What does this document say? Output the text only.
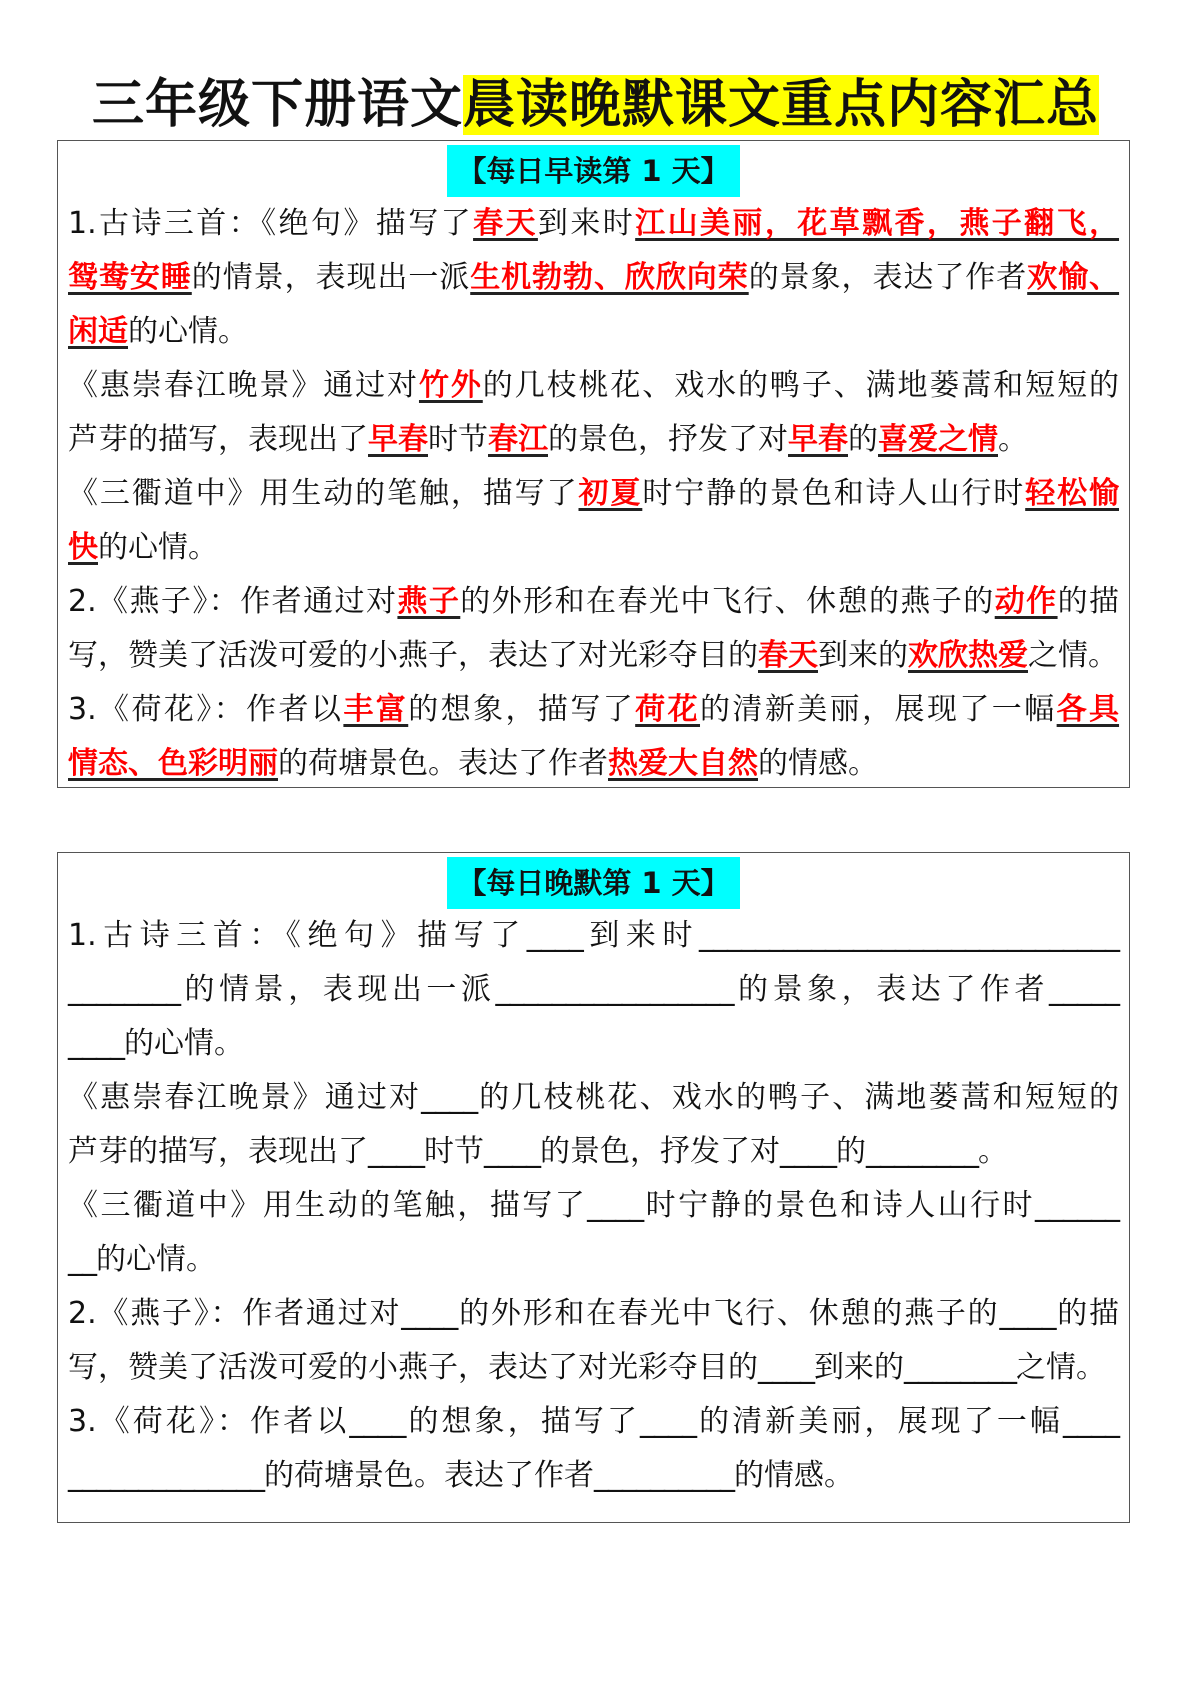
三年级下册语文晨读晚默课文重点内容汇总
【每日早读第 1 天】
1.古诗三首：《绝句》描写了春天到来时江山美丽，花草飘香，燕子翻飞，
鸳鸯安睡的情景，表现出一派生机勃勃、欣欣向荣的景象，表达了作者欢愉、
闲适的心情。
《惠崇春江晚景》通过对竹外的几枝桃花、戏水的鸭子、满地蒌蒿和短短的
芦芽的描写，表现出了早春时节春江的景色，抒发了对早春的喜爱之情。
《三衢道中》用生动的笔触，描写了初夏时宁静的景色和诗人山行时轻松愉
快的心情。
2.《燕子》：作者通过对燕子的外形和在春光中飞行、休憩的燕子的动作的描
写，赞美了活泼可爱的小燕子，表达了对光彩夺目的春天到来的欢欣热爱之情。
3.《荷花》：作者以丰富的想象，描写了荷花的清新美丽，展现了一幅各具
情态、色彩明丽的荷塘景色。表达了作者热爱大自然的情感。
【每日晚默第 1 天】
1.古诗三首：《绝句》描写了____到来时______________________________
________的情景，表现出一派_________________的景象，表达了作者_____
____的心情。
《惠崇春江晚景》通过对____的几枝桃花、戏水的鸭子、满地蒌蒿和短短的
芦芽的描写，表现出了____时节____的景色，抒发了对____的________。
《三衢道中》用生动的笔触，描写了____时宁静的景色和诗人山行时______
__的心情。
2.《燕子》：作者通过对____的外形和在春光中飞行、休憩的燕子的____的描
写，赞美了活泼可爱的小燕子，表达了对光彩夺目的____到来的________之情。
3.《荷花》：作者以____的想象，描写了____的清新美丽，展现了一幅____
______________的荷塘景色。表达了作者__________的情感。
